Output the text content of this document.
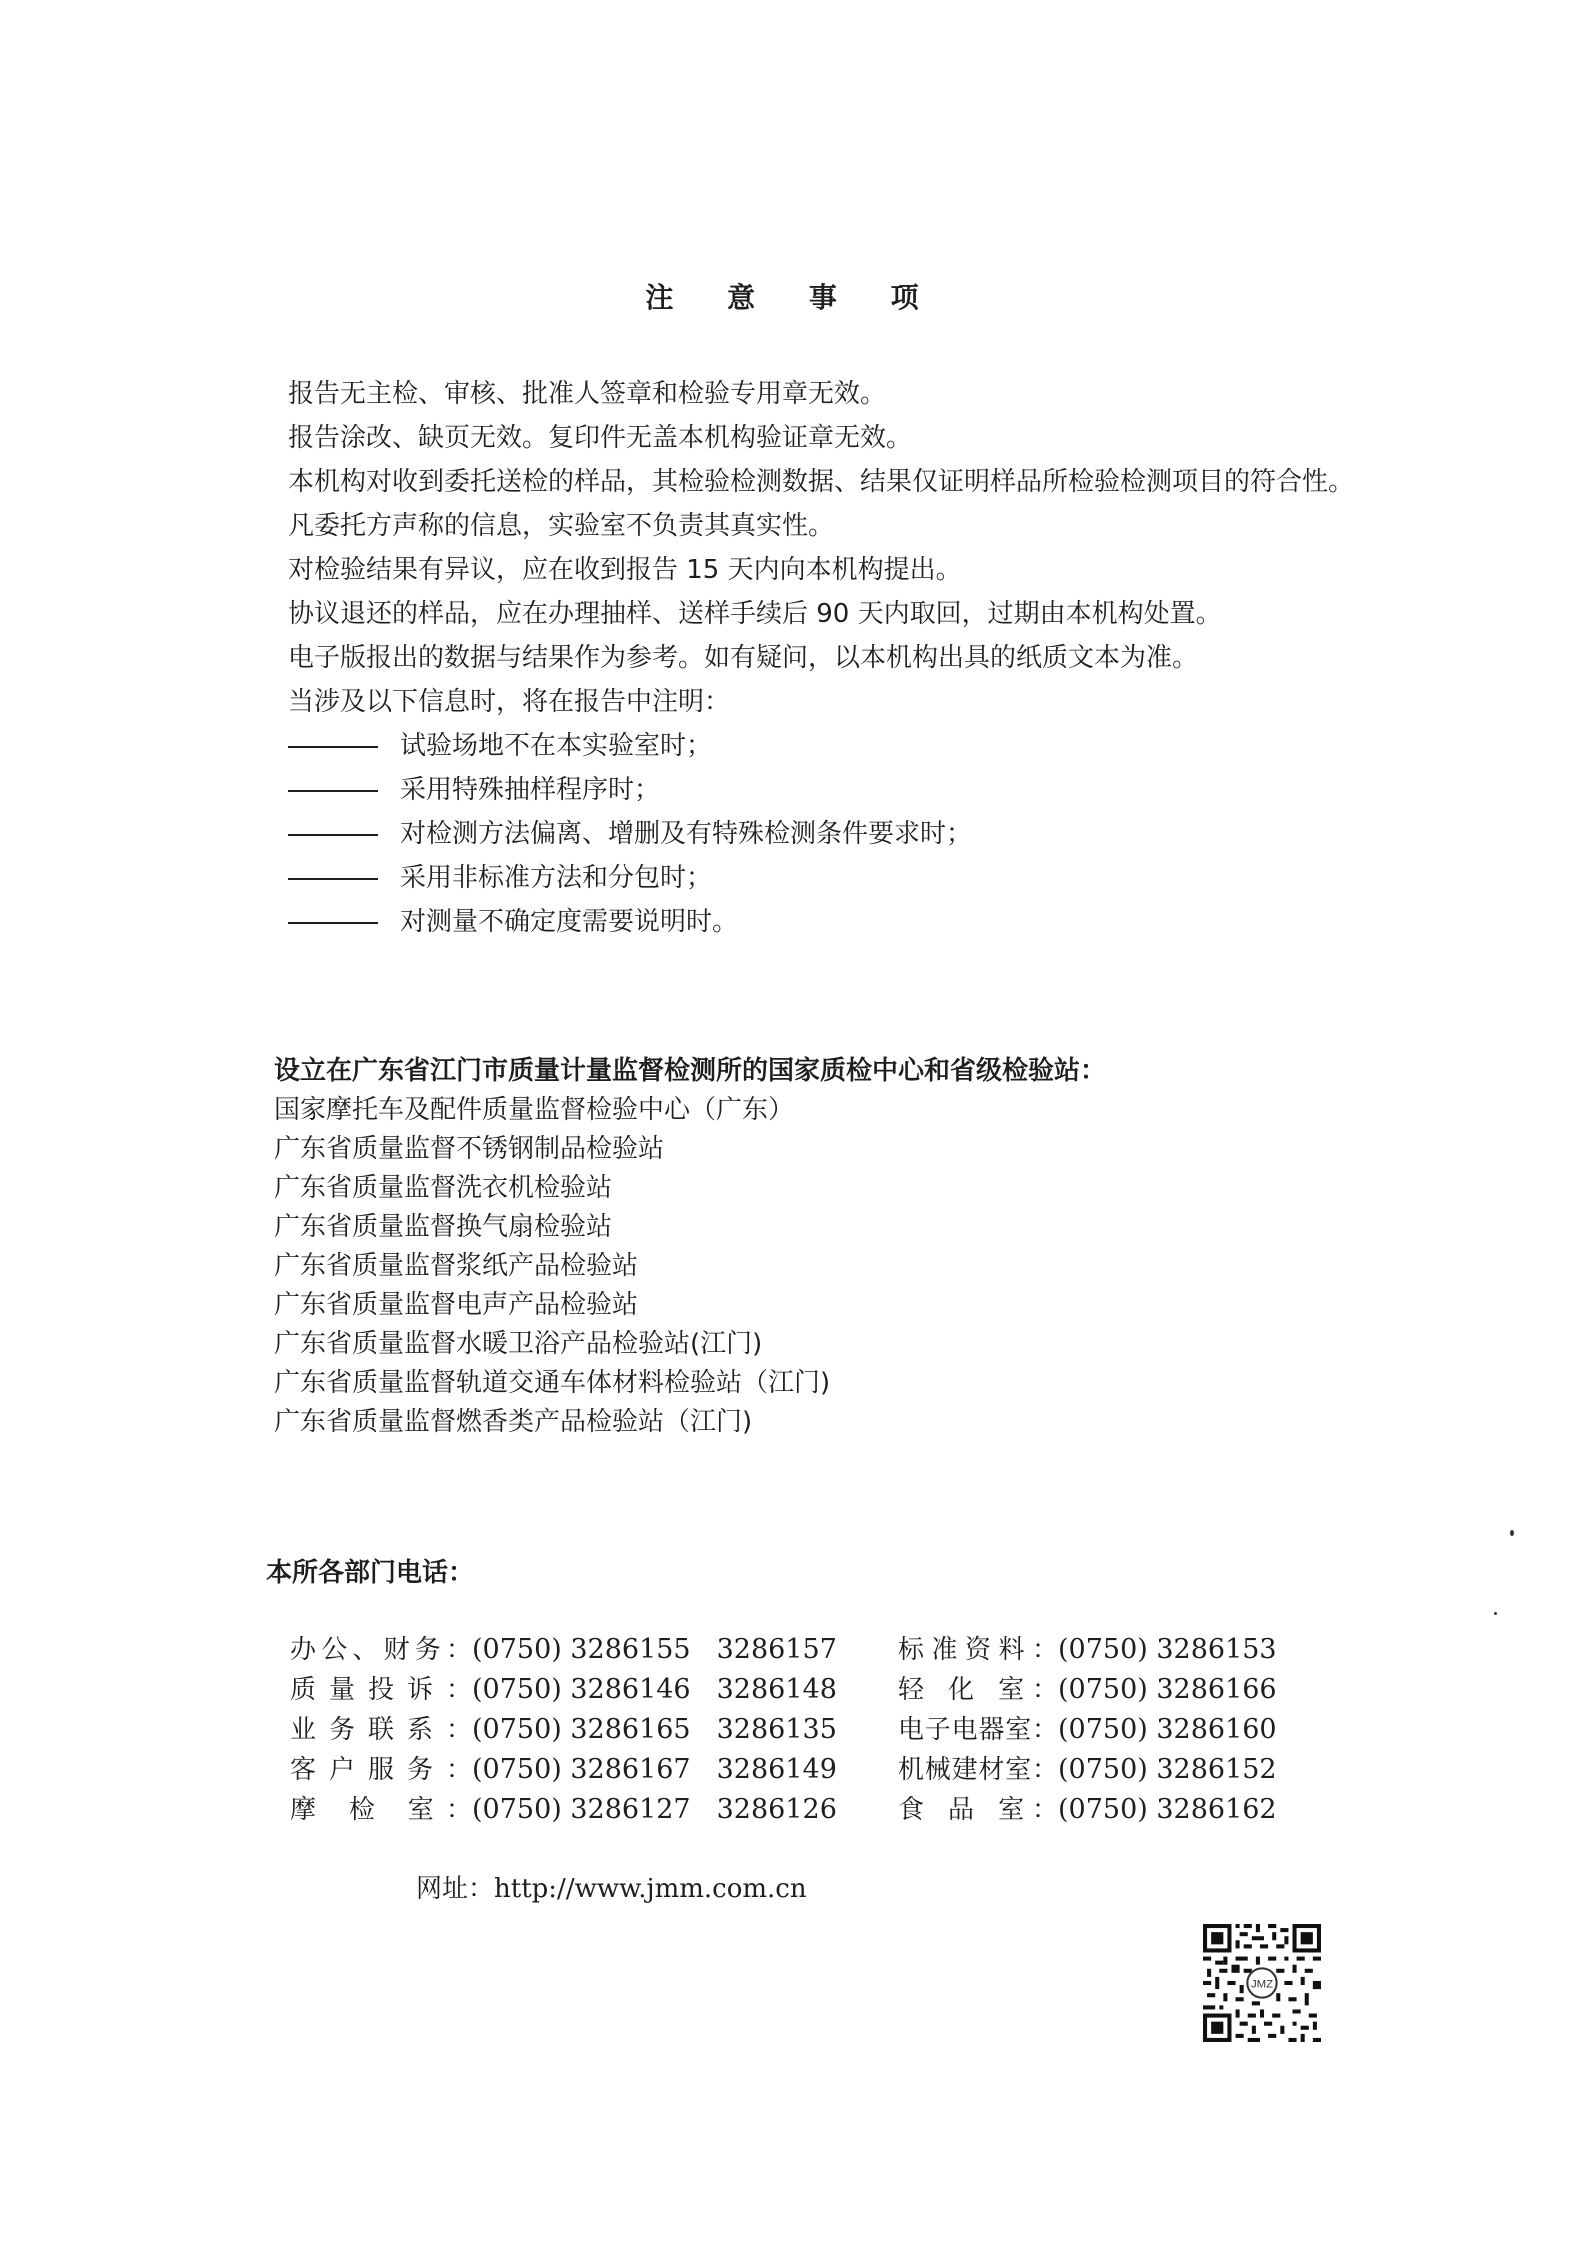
注 意 事 项
报告无主检、审核、批准人签章和检验专用章无效。
报告涂改、缺页无效。复印件无盖本机构验证章无效。
本机构对收到委托送检的样品，其检验检测数据、结果仅证明样品所检验检测项目的符合性。
凡委托方声称的信息，实验室不负责其真实性。
对检验结果有异议，应在收到报告 15 天内向本机构提出。
协议退还的样品，应在办理抽样、送样手续后 90 天内取回，过期由本机构处置。
电子版报出的数据与结果作为参考。如有疑问，以本机构出具的纸质文本为准。
当涉及以下信息时，将在报告中注明：
试验场地不在本实验室时；
采用特殊抽样程序时；
对检测方法偏离、增删及有特殊检测条件要求时；
采用非标准方法和分包时；
对测量不确定度需要说明时。
设立在广东省江门市质量计量监督检测所的国家质检中心和省级检验站：
国家摩托车及配件质量监督检验中心（广东）
广东省质量监督不锈钢制品检验站
广东省质量监督洗衣机检验站
广东省质量监督换气扇检验站
广东省质量监督浆纸产品检验站
广东省质量监督电声产品检验站
广东省质量监督水暖卫浴产品检验站(江门)
广东省质量监督轨道交通车体材料检验站（江门)
广东省质量监督燃香类产品检验站（江门)
本所各部门电话：
办公、财务：(0750) 3286155 3286157
质量投诉：(0750) 3286146 3286148
业务联系：(0750) 3286165 3286135
客户服务：(0750) 3286167 3286149
摩 检 室：(0750) 3286127 3286126
标准资料：(0750) 3286153
轻 化 室：(0750) 3286166
电子电器室：(0750) 3286160
机械建材室：(0750) 3286152
食 品 室：(0750) 3286162
网址：http://www.jmm.com.cn
JMZ
